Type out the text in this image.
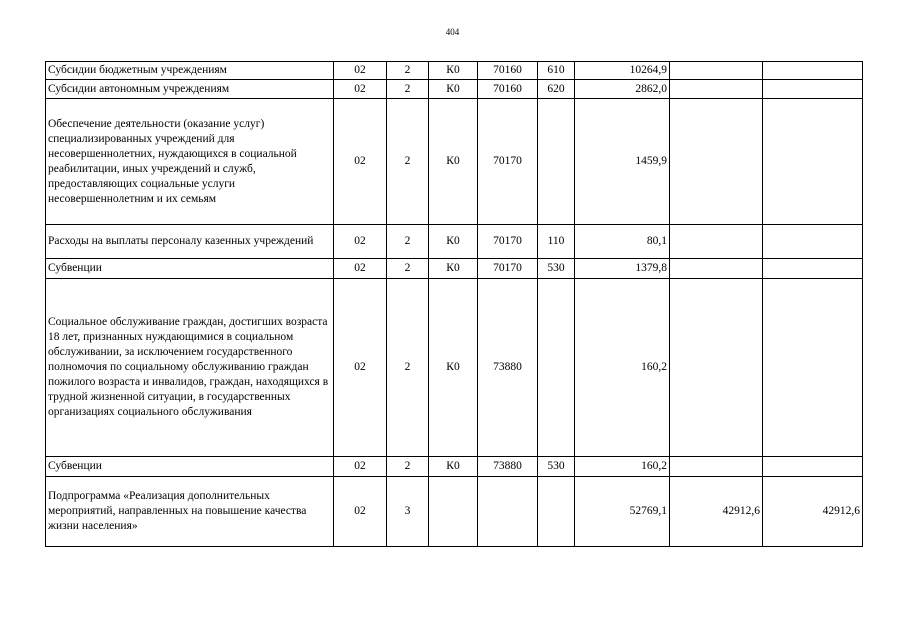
404
Субсидии бюджетным учреждениям	02	2	К0	70160	610	10264,9		
Субсидии автономным учреждениям	02	2	К0	70160	620	2862,0		
Обеспечение деятельности (оказание услуг) специализированных учреждений для несовершеннолетних, нуждающихся в социальной реабилитации, иных учреждений и служб, предоставляющих социальные услуги несовершеннолетним и их семьям	02	2	К0	70170		1459,9		
Расходы на выплаты персоналу казенных учреждений	02	2	К0	70170	110	80,1		
Субвенции	02	2	К0	70170	530	1379,8		
Социальное обслуживание граждан, достигших возраста 18 лет, признанных нуждающимися в социальном обслуживании, за исключением государственного полномочия по социальному обслуживанию граждан пожилого возраста и инвалидов, граждан, находящихся в трудной жизненной ситуации, в государственных организациях социального обслуживания	02	2	К0	73880		160,2		
Субвенции	02	2	К0	73880	530	160,2		
Подпрограмма «Реализация дополнительных мероприятий, направленных на повышение качества жизни населения»	02	3				52769,1	42912,6	42912,6
